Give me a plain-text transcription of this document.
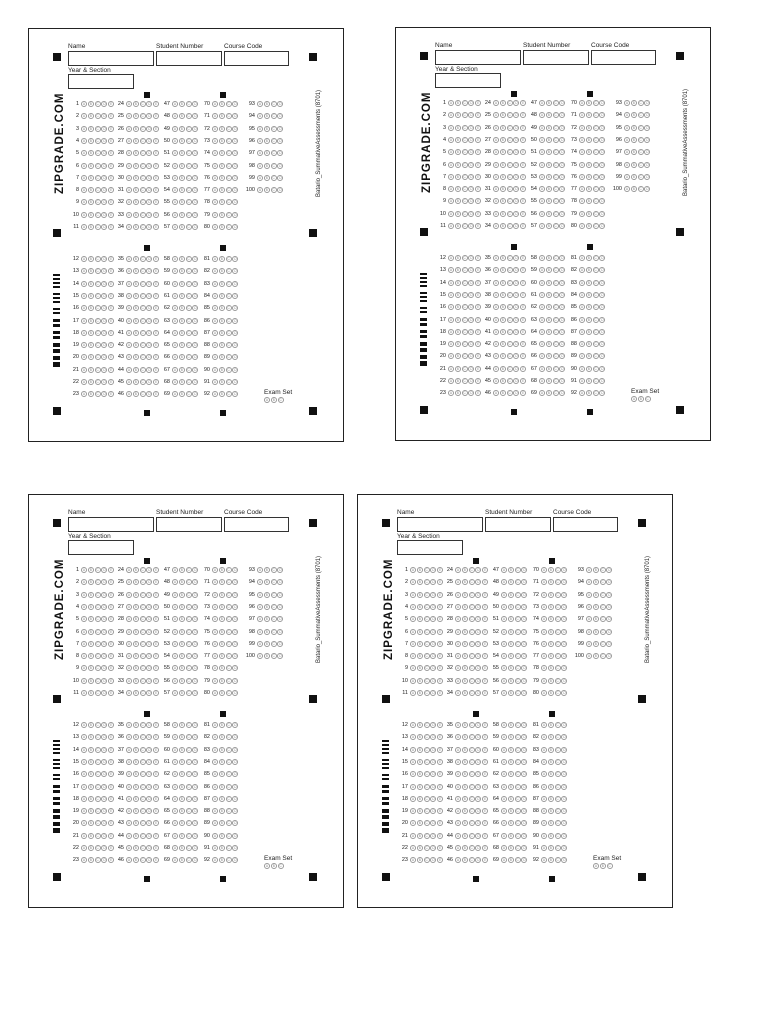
Name	Student Number	Course Code
Year & Section
ZIPGRADE.COM	Batario_SummativeAssessments (8701)
1	A	B	C	D	E
2	A	B	C	D	E
3	A	B	C	D	E
4	A	B	C	D	E
5	A	B	C	D	E
6	A	B	C	D	E
7	A	B	C	D	E
8	A	B	C	D	E
9	A	B	C	D	E
10	A	B	C	D	E
11	A	B	C	D	E
24	A	B	C	D	E
25	A	B	C	D	E
26	A	B	C	D	E
27	A	B	C	D	E
28	A	B	C	D	E
29	A	B	C	D	E
30	A	B	C	D	E
31	A	B	C	D	E
32	A	B	C	D	E
33	A	B	C	D	E
34	A	B	C	D	E
47	A	B	C	D
48	A	B	C	D
49	A	B	C	D
50	A	B	C	D
51	A	B	C	D
52	A	B	C	D
53	A	B	C	D
54	A	B	C	D
55	A	B	C	D
56	A	B	C	D
57	A	B	C	D
70	A	B	C	D
71	A	B	C	D
72	A	B	C	D
73	A	B	C	D
74	A	B	C	D
75	A	B	C	D
76	A	B	C	D
77	A	B	C	D
78	A	B	C	D
79	A	B	C	D
80	A	B	C	D
93	A	B	C	D
94	A	B	C	D
95	A	B	C	D
96	A	B	C	D
97	A	B	C	D
98	A	B	C	D
99	A	B	C	D
100	A	B	C	D
12	A	B	C	D	E
13	A	B	C	D	E
14	A	B	C	D	E
15	A	B	C	D	E
16	A	B	C	D	E
17	A	B	C	D	E
18	A	B	C	D	E
19	A	B	C	D	E
20	A	B	C	D	E
21	A	B	C	D	E
22	A	B	C	D	E
23	A	B	C	D	E
35	A	B	C	D	E
36	A	B	C	D	E
37	A	B	C	D	E
38	A	B	C	D	E
39	A	B	C	D	E
40	A	B	C	D	E
41	A	B	C	D	E
42	A	B	C	D	E
43	A	B	C	D	E
44	A	B	C	D	E
45	A	B	C	D	E
46	A	B	C	D	E
58	A	B	C	D
59	A	B	C	D
60	A	B	C	D
61	A	B	C	D
62	A	B	C	D
63	A	B	C	D
64	A	B	C	D
65	A	B	C	D
66	A	B	C	D
67	A	B	C	D
68	A	B	C	D
69	A	B	C	D
81	A	B	C	D
82	A	B	C	D
83	A	B	C	D
84	A	B	C	D
85	A	B	C	D
86	A	B	C	D
87	A	B	C	D
88	A	B	C	D
89	A	B	C	D
90	A	B	C	D
91	A	B	C	D
92	A	B	C	D	Exam Set
A	B	C
Name	Student Number	Course Code
Year & Section
ZIPGRADE.COM	Batario_SummativeAssessments (8701)
1	A	B	C	D	E
2	A	B	C	D	E
3	A	B	C	D	E
4	A	B	C	D	E
5	A	B	C	D	E
6	A	B	C	D	E
7	A	B	C	D	E
8	A	B	C	D	E
9	A	B	C	D	E
10	A	B	C	D	E
11	A	B	C	D	E
24	A	B	C	D	E
25	A	B	C	D	E
26	A	B	C	D	E
27	A	B	C	D	E
28	A	B	C	D	E
29	A	B	C	D	E
30	A	B	C	D	E
31	A	B	C	D	E
32	A	B	C	D	E
33	A	B	C	D	E
34	A	B	C	D	E
47	A	B	C	D
48	A	B	C	D
49	A	B	C	D
50	A	B	C	D
51	A	B	C	D
52	A	B	C	D
53	A	B	C	D
54	A	B	C	D
55	A	B	C	D
56	A	B	C	D
57	A	B	C	D
70	A	B	C	D
71	A	B	C	D
72	A	B	C	D
73	A	B	C	D
74	A	B	C	D
75	A	B	C	D
76	A	B	C	D
77	A	B	C	D
78	A	B	C	D
79	A	B	C	D
80	A	B	C	D
93	A	B	C	D
94	A	B	C	D
95	A	B	C	D
96	A	B	C	D
97	A	B	C	D
98	A	B	C	D
99	A	B	C	D
100	A	B	C	D
12	A	B	C	D	E
13	A	B	C	D	E
14	A	B	C	D	E
15	A	B	C	D	E
16	A	B	C	D	E
17	A	B	C	D	E
18	A	B	C	D	E
19	A	B	C	D	E
20	A	B	C	D	E
21	A	B	C	D	E
22	A	B	C	D	E
23	A	B	C	D	E
35	A	B	C	D	E
36	A	B	C	D	E
37	A	B	C	D	E
38	A	B	C	D	E
39	A	B	C	D	E
40	A	B	C	D	E
41	A	B	C	D	E
42	A	B	C	D	E
43	A	B	C	D	E
44	A	B	C	D	E
45	A	B	C	D	E
46	A	B	C	D	E
58	A	B	C	D
59	A	B	C	D
60	A	B	C	D
61	A	B	C	D
62	A	B	C	D
63	A	B	C	D
64	A	B	C	D
65	A	B	C	D
66	A	B	C	D
67	A	B	C	D
68	A	B	C	D
69	A	B	C	D
81	A	B	C	D
82	A	B	C	D
83	A	B	C	D
84	A	B	C	D
85	A	B	C	D
86	A	B	C	D
87	A	B	C	D
88	A	B	C	D
89	A	B	C	D
90	A	B	C	D
91	A	B	C	D
92	A	B	C	D	Exam Set
A	B	C
Name	Student Number	Course Code
Year & Section
ZIPGRADE.COM	Batario_SummativeAssessments (8701)
1	A	B	C	D	E
2	A	B	C	D	E
3	A	B	C	D	E
4	A	B	C	D	E
5	A	B	C	D	E
6	A	B	C	D	E
7	A	B	C	D	E
8	A	B	C	D	E
9	A	B	C	D	E
10	A	B	C	D	E
11	A	B	C	D	E
24	A	B	C	D	E
25	A	B	C	D	E
26	A	B	C	D	E
27	A	B	C	D	E
28	A	B	C	D	E
29	A	B	C	D	E
30	A	B	C	D	E
31	A	B	C	D	E
32	A	B	C	D	E
33	A	B	C	D	E
34	A	B	C	D	E
47	A	B	C	D
48	A	B	C	D
49	A	B	C	D
50	A	B	C	D
51	A	B	C	D
52	A	B	C	D
53	A	B	C	D
54	A	B	C	D
55	A	B	C	D
56	A	B	C	D
57	A	B	C	D
70	A	B	C	D
71	A	B	C	D
72	A	B	C	D
73	A	B	C	D
74	A	B	C	D
75	A	B	C	D
76	A	B	C	D
77	A	B	C	D
78	A	B	C	D
79	A	B	C	D
80	A	B	C	D
93	A	B	C	D
94	A	B	C	D
95	A	B	C	D
96	A	B	C	D
97	A	B	C	D
98	A	B	C	D
99	A	B	C	D
100	A	B	C	D
12	A	B	C	D	E
13	A	B	C	D	E
14	A	B	C	D	E
15	A	B	C	D	E
16	A	B	C	D	E
17	A	B	C	D	E
18	A	B	C	D	E
19	A	B	C	D	E
20	A	B	C	D	E
21	A	B	C	D	E
22	A	B	C	D	E
23	A	B	C	D	E
35	A	B	C	D	E
36	A	B	C	D	E
37	A	B	C	D	E
38	A	B	C	D	E
39	A	B	C	D	E
40	A	B	C	D	E
41	A	B	C	D	E
42	A	B	C	D	E
43	A	B	C	D	E
44	A	B	C	D	E
45	A	B	C	D	E
46	A	B	C	D	E
58	A	B	C	D
59	A	B	C	D
60	A	B	C	D
61	A	B	C	D
62	A	B	C	D
63	A	B	C	D
64	A	B	C	D
65	A	B	C	D
66	A	B	C	D
67	A	B	C	D
68	A	B	C	D
69	A	B	C	D
81	A	B	C	D
82	A	B	C	D
83	A	B	C	D
84	A	B	C	D
85	A	B	C	D
86	A	B	C	D
87	A	B	C	D
88	A	B	C	D
89	A	B	C	D
90	A	B	C	D
91	A	B	C	D
92	A	B	C	D	Exam Set
A	B	C
Name	Student Number	Course Code
Year & Section
ZIPGRADE.COM	Batario_SummativeAssessments (8701)
1	A	B	C	D	E
2	A	B	C	D	E
3	A	B	C	D	E
4	A	B	C	D	E
5	A	B	C	D	E
6	A	B	C	D	E
7	A	B	C	D	E
8	A	B	C	D	E
9	A	B	C	D	E
10	A	B	C	D	E
11	A	B	C	D	E
24	A	B	C	D	E
25	A	B	C	D	E
26	A	B	C	D	E
27	A	B	C	D	E
28	A	B	C	D	E
29	A	B	C	D	E
30	A	B	C	D	E
31	A	B	C	D	E
32	A	B	C	D	E
33	A	B	C	D	E
34	A	B	C	D	E
47	A	B	C	D
48	A	B	C	D
49	A	B	C	D
50	A	B	C	D
51	A	B	C	D
52	A	B	C	D
53	A	B	C	D
54	A	B	C	D
55	A	B	C	D
56	A	B	C	D
57	A	B	C	D
70	A	B	C	D
71	A	B	C	D
72	A	B	C	D
73	A	B	C	D
74	A	B	C	D
75	A	B	C	D
76	A	B	C	D
77	A	B	C	D
78	A	B	C	D
79	A	B	C	D
80	A	B	C	D
93	A	B	C	D
94	A	B	C	D
95	A	B	C	D
96	A	B	C	D
97	A	B	C	D
98	A	B	C	D
99	A	B	C	D
100	A	B	C	D
12	A	B	C	D	E
13	A	B	C	D	E
14	A	B	C	D	E
15	A	B	C	D	E
16	A	B	C	D	E
17	A	B	C	D	E
18	A	B	C	D	E
19	A	B	C	D	E
20	A	B	C	D	E
21	A	B	C	D	E
22	A	B	C	D	E
23	A	B	C	D	E
35	A	B	C	D	E
36	A	B	C	D	E
37	A	B	C	D	E
38	A	B	C	D	E
39	A	B	C	D	E
40	A	B	C	D	E
41	A	B	C	D	E
42	A	B	C	D	E
43	A	B	C	D	E
44	A	B	C	D	E
45	A	B	C	D	E
46	A	B	C	D	E
58	A	B	C	D
59	A	B	C	D
60	A	B	C	D
61	A	B	C	D
62	A	B	C	D
63	A	B	C	D
64	A	B	C	D
65	A	B	C	D
66	A	B	C	D
67	A	B	C	D
68	A	B	C	D
69	A	B	C	D
81	A	B	C	D
82	A	B	C	D
83	A	B	C	D
84	A	B	C	D
85	A	B	C	D
86	A	B	C	D
87	A	B	C	D
88	A	B	C	D
89	A	B	C	D
90	A	B	C	D
91	A	B	C	D
92	A	B	C	D	Exam Set
A	B	C
